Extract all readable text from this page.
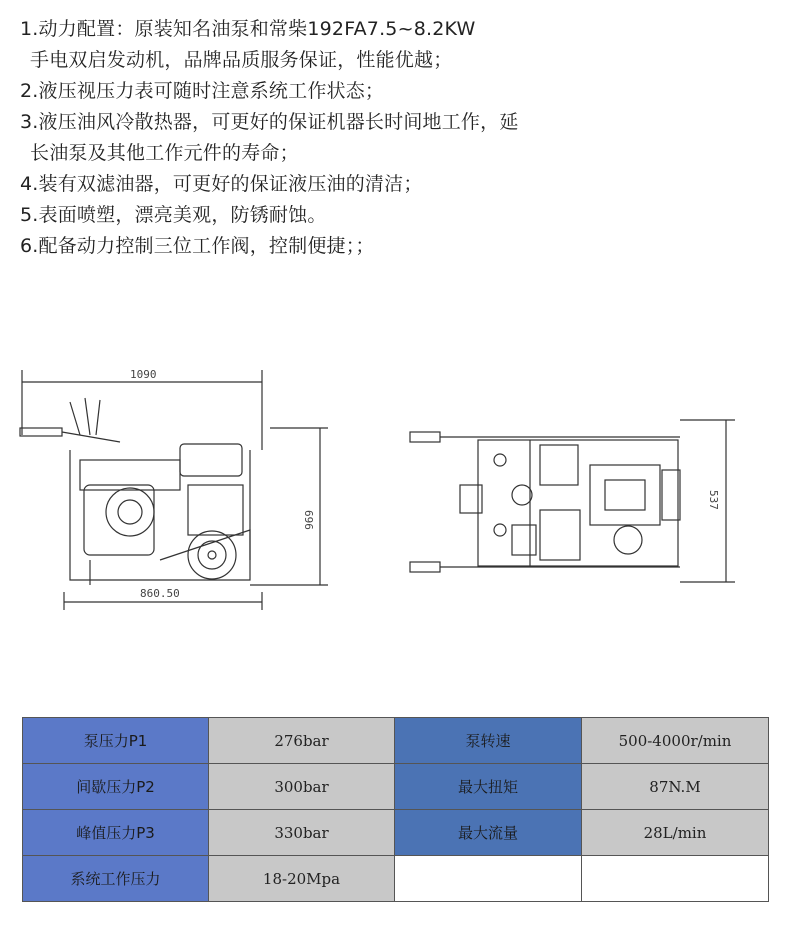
1.动力配置：原装知名油泵和常柴192FA7.5~8.2KW
手电双启发动机，品牌品质服务保证，性能优越；
2.液压视压力表可随时注意系统工作状态；
3.液压油风冷散热器，可更好的保证机器长时间地工作，延
长油泵及其他工作元件的寿命；
4.装有双滤油器，可更好的保证液压油的清洁；
5.表面喷塑，漂亮美观，防锈耐蚀。
6.配备动力控制三位工作阀，控制便捷；；
1090
696
860.50
537
泵压力P1	276bar	泵转速	500-4000r/min
间歇压力P2	300bar	最大扭矩	87N.M
峰值压力P3	330bar	最大流量	28L/min
系统工作压力	18-20Mpa		
